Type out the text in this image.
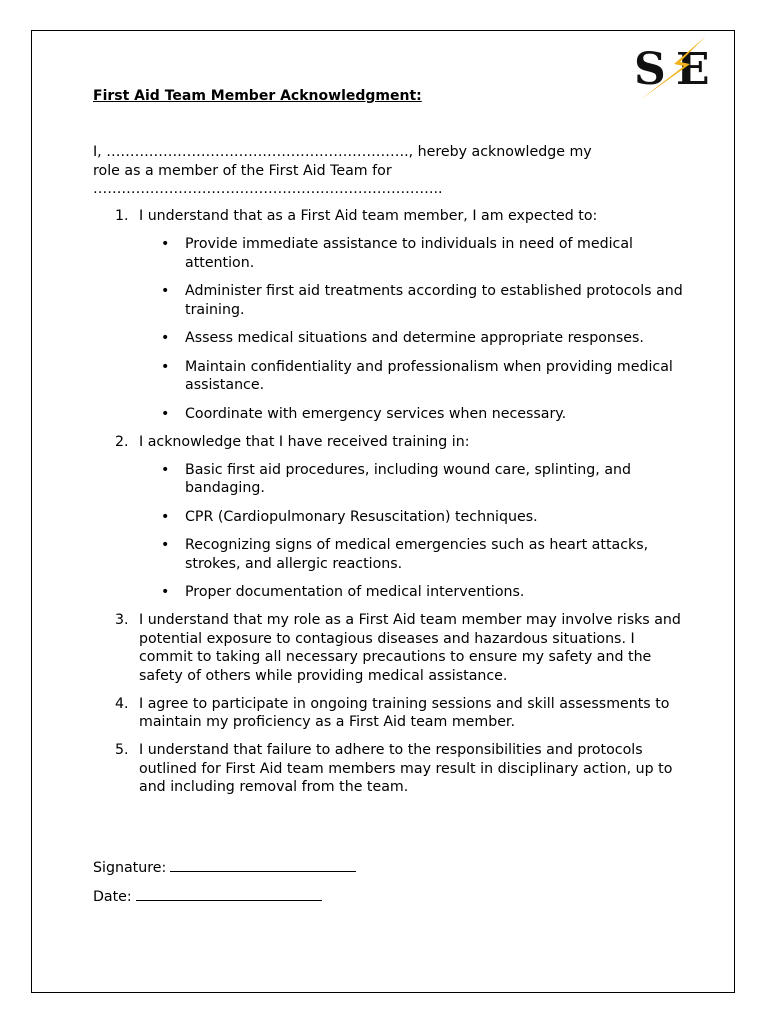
S E
First Aid Team Member Acknowledgment:
I, ………………………………………………………., hereby acknowledge my
role as a member of the First Aid Team for
………………………………………………………………..
1. I understand that as a First Aid team member, I am expected to:
• Provide immediate assistance to individuals in need of medical attention.
• Administer first aid treatments according to established protocols and training.
• Assess medical situations and determine appropriate responses.
• Maintain confidentiality and professionalism when providing medical assistance.
• Coordinate with emergency services when necessary.
2. I acknowledge that I have received training in:
• Basic first aid procedures, including wound care, splinting, and bandaging.
• CPR (Cardiopulmonary Resuscitation) techniques.
• Recognizing signs of medical emergencies such as heart attacks, strokes, and allergic reactions.
• Proper documentation of medical interventions.
3. I understand that my role as a First Aid team member may involve risks and potential exposure to contagious diseases and hazardous situations. I commit to taking all necessary precautions to ensure my safety and the safety of others while providing medical assistance.
4. I agree to participate in ongoing training sessions and skill assessments to maintain my proficiency as a First Aid team member.
5. I understand that failure to adhere to the responsibilities and protocols outlined for First Aid team members may result in disciplinary action, up to and including removal from the team.
Signature:
Date:
